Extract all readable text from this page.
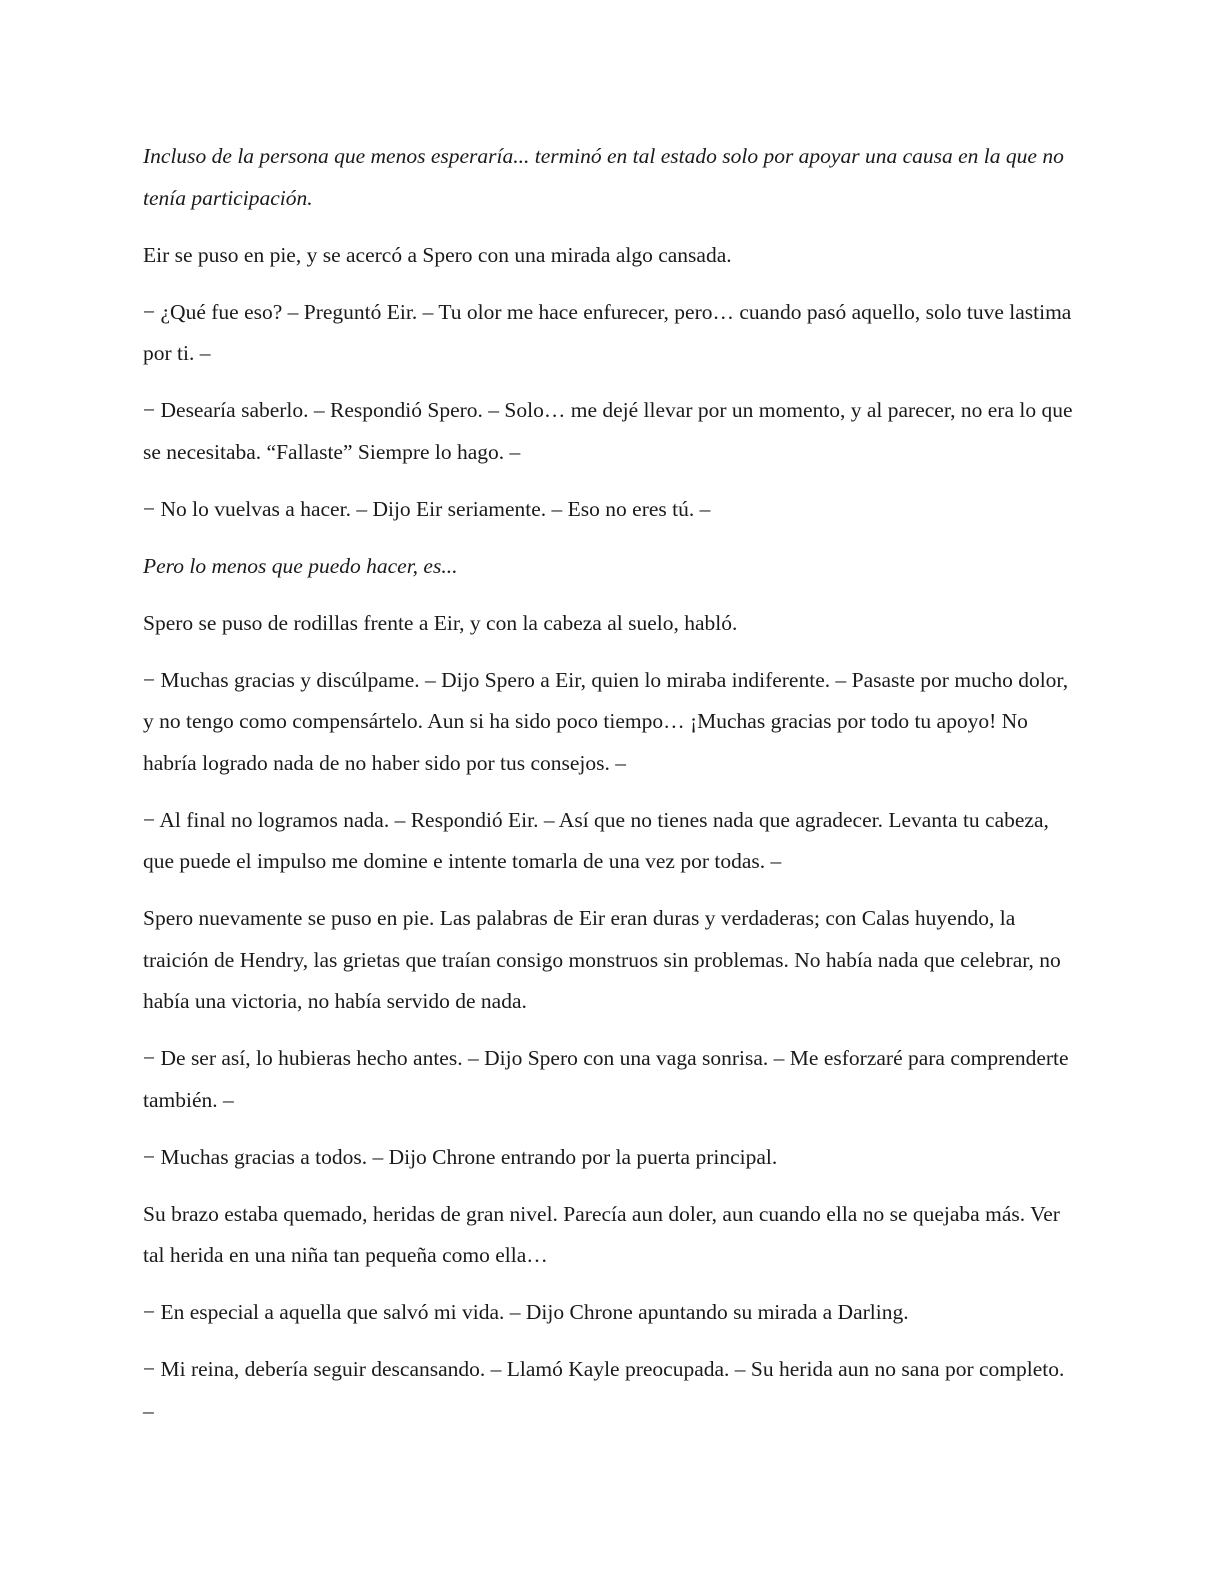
Incluso de la persona que menos esperaría... terminó en tal estado solo por apoyar una causa en la que no tenía participación.

Eir se puso en pie, y se acercó a Spero con una mirada algo cansada.

− ¿Qué fue eso? – Preguntó Eir. – Tu olor me hace enfurecer, pero… cuando pasó aquello, solo tuve lastima por ti. –

− Desearía saberlo. – Respondió Spero. – Solo… me dejé llevar por un momento, y al parecer, no era lo que se necesitaba. “Fallaste” Siempre lo hago. –

− No lo vuelvas a hacer. – Dijo Eir seriamente. – Eso no eres tú. –

Pero lo menos que puedo hacer, es...

Spero se puso de rodillas frente a Eir, y con la cabeza al suelo, habló.

− Muchas gracias y discúlpame. – Dijo Spero a Eir, quien lo miraba indiferente. – Pasaste por mucho dolor, y no tengo como compensártelo. Aun si ha sido poco tiempo… ¡Muchas gracias por todo tu apoyo! No habría logrado nada de no haber sido por tus consejos. –

− Al final no logramos nada. – Respondió Eir. – Así que no tienes nada que agradecer. Levanta tu cabeza, que puede el impulso me domine e intente tomarla de una vez por todas. –

Spero nuevamente se puso en pie. Las palabras de Eir eran duras y verdaderas; con Calas huyendo, la traición de Hendry, las grietas que traían consigo monstruos sin problemas. No había nada que celebrar, no había una victoria, no había servido de nada.

− De ser así, lo hubieras hecho antes. – Dijo Spero con una vaga sonrisa. – Me esforzaré para comprenderte también. –

− Muchas gracias a todos. – Dijo Chrone entrando por la puerta principal.

Su brazo estaba quemado, heridas de gran nivel. Parecía aun doler, aun cuando ella no se quejaba más. Ver tal herida en una niña tan pequeña como ella…

− En especial a aquella que salvó mi vida. – Dijo Chrone apuntando su mirada a Darling.

− Mi reina, debería seguir descansando. – Llamó Kayle preocupada. – Su herida aun no sana por completo. –
